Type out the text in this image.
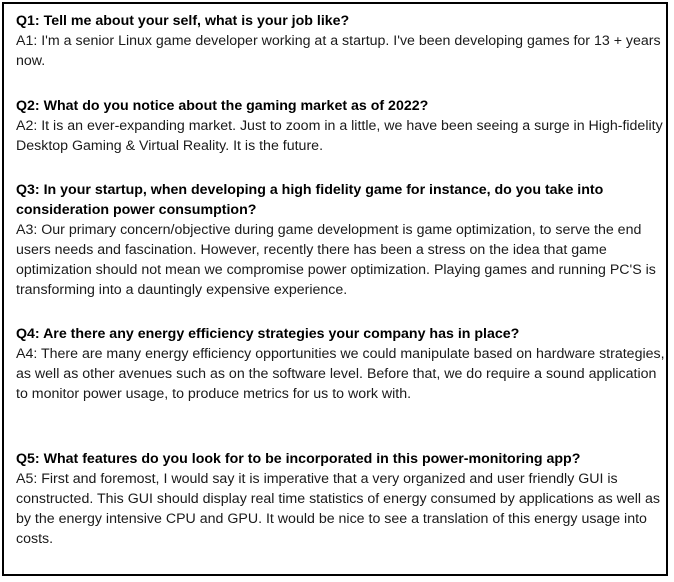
Q1: Tell me about your self, what is your job like?

A1: I'm a senior Linux game developer working at a startup. I've been developing games for 13 + years now.

Q2: What do you notice about the gaming market as of 2022?

A2: It is an ever-expanding market. Just to zoom in a little, we have been seeing a surge in High-fidelity Desktop Gaming & Virtual Reality. It is the future.

Q3: In your startup, when developing a high fidelity game for instance, do you take into consideration power consumption?

A3: Our primary concern/objective during game development is game optimization, to serve the end users needs and fascination. However, recently there has been a stress on the idea that game optimization should not mean we compromise power optimization. Playing games and running PC'S is transforming into a dauntingly expensive experience.

Q4: Are there any energy efficiency strategies your company has in place?

A4: There are many energy efficiency opportunities we could manipulate based on hardware strategies, as well as other avenues such as on the software level. Before that, we do require a sound application to monitor power usage, to produce metrics for us to work with.

Q5: What features do you look for to be incorporated in this power-monitoring app?

A5: First and foremost, I would say it is imperative that a very organized and user friendly GUI is constructed. This GUI should display real time statistics of energy consumed by applications as well as by the energy intensive CPU and GPU. It would be nice to see a translation of this energy usage into costs.
